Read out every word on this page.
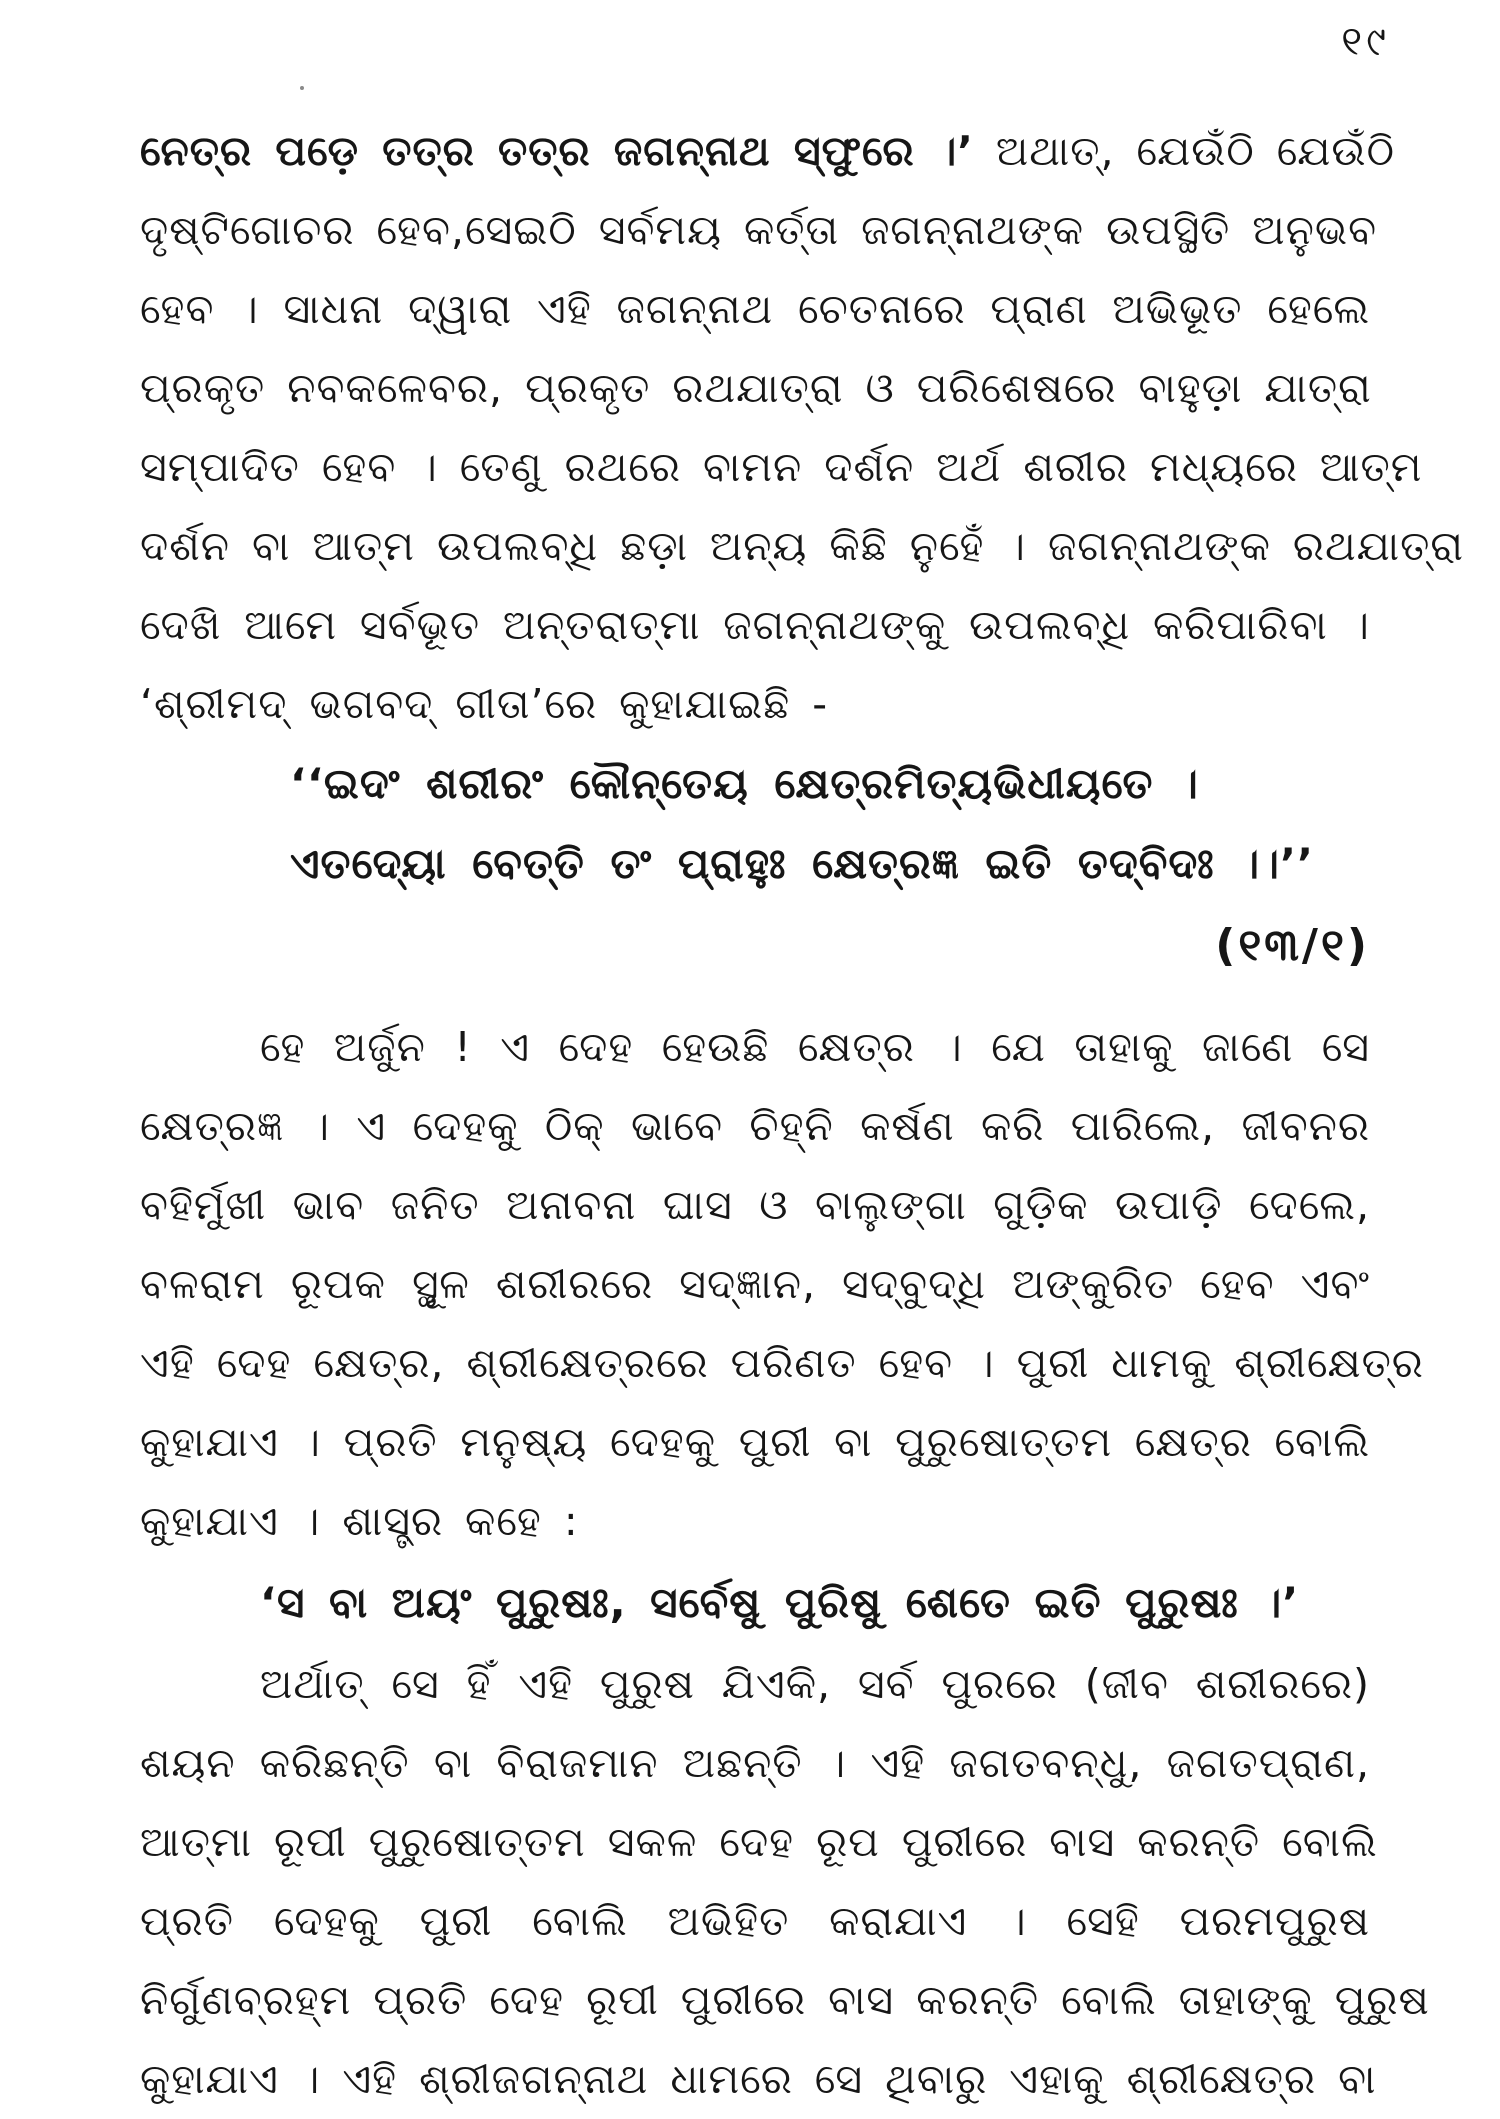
୧୯
ନେତ୍ର ପଡ଼େ ତତ୍ର ତତ୍ର ଜଗନ୍ନାଥ ସ୍ଫୁରେ ।’ ଅଥାତ୍, ଯେଉଁଠି ଯେଉଁଠି
ଦୃଷ୍ଟିଗୋଚର ହେବ,ସେଇଠି ସର୍ବମୟ କର୍ତ୍ତା ଜଗନ୍ନାଥଙ୍କ ଉପସ୍ଥିତି ଅନୁଭବ
ହେବ । ସାଧନା ଦ୍ୱାରା ଏହି ଜଗନ୍ନାଥ ଚେତନାରେ ପ୍ରାଣ ଅଭିଭୂତ ହେଲେ
ପ୍ରକୃତ ନବକଳେବର, ପ୍ରକୃତ ରଥଯାତ୍ରା ଓ ପରିଶେଷରେ ବାହୁଡ଼ା ଯାତ୍ରା
ସମ୍ପାଦିତ ହେବ । ତେଣୁ ରଥରେ ବାମନ ଦର୍ଶନ ଅର୍ଥ ଶରୀର ମଧ୍ୟରେ ଆତ୍ମ
ଦର୍ଶନ ବା ଆତ୍ମ ଉପଲବ୍ଧି ଛଡ଼ା ଅନ୍ୟ କିଛି ନୁହେଁ । ଜଗନ୍ନାଥଙ୍କ ରଥଯାତ୍ରା
ଦେଖି ଆମେ ସର୍ବଭୂତ ଅନ୍ତରାତ୍ମା ଜଗନ୍ନାଥଙ୍କୁ ଉପଲବ୍ଧି କରିପାରିବା ।
‘ଶ୍ରୀମଦ୍ ଭଗବଦ୍ ଗୀତା’ରେ କୁହାଯାଇଛି -
‘‘ଇଦଂ ଶରୀରଂ କୌନ୍ତେୟ କ୍ଷେତ୍ରମିତ୍ୟଭିଧୀୟତେ ।
ଏତଦ୍ୟୋ ବେତ୍ତି ତଂ ପ୍ରାହୁଃ କ୍ଷେତ୍ରଜ୍ଞ ଇତି ତଦ୍‌ବିଦଃ ।।’’
(୧୩/୧)
ହେ ଅର୍ଜୁନ ! ଏ ଦେହ ହେଉଛି କ୍ଷେତ୍ର । ଯେ ତାହାକୁ ଜାଣେ ସେ
କ୍ଷେତ୍ରଜ୍ଞ । ଏ ଦେହକୁ ଠିକ୍ ଭାବେ ଚିହ୍ନି କର୍ଷଣ କରି ପାରିଲେ, ଜୀବନର
ବହିର୍ମୁଖୀ ଭାବ ଜନିତ ଅନାବନା ଘାସ ଓ ବାଲୁଙ୍ଗା ଗୁଡ଼ିକ ଉପାଡ଼ି ଦେଲେ,
ବଳରାମ ରୂପକ ସ୍ଥୂଳ ଶରୀରରେ ସଦ୍‌ଜ୍ଞାନ, ସଦ୍‌ବୁଦ୍ଧି ଅଙ୍କୁରିତ ହେବ ଏବଂ
ଏହି ଦେହ କ୍ଷେତ୍ର, ଶ୍ରୀକ୍ଷେତ୍ରରେ ପରିଣତ ହେବ । ପୁରୀ ଧାମକୁ ଶ୍ରୀକ୍ଷେତ୍ର
କୁହାଯାଏ । ପ୍ରତି ମନୁଷ୍ୟ ଦେହକୁ ପୁରୀ ବା ପୁରୁଷୋତ୍ତମ କ୍ଷେତ୍ର ବୋଲି
କୁହାଯାଏ । ଶାସ୍ତ୍ର କହେ :
‘ସ ବା ଅୟଂ ପୁରୁଷଃ, ସର୍ବେଷୁ ପୁରିଷୁ ଶେତେ ଇତି ପୁରୁଷଃ ।’
ଅର୍ଥାତ୍ ସେ ହିଁ ଏହି ପୁରୁଷ ଯିଏକି, ସର୍ବ ପୁରରେ (ଜୀବ ଶରୀରରେ)
ଶୟନ କରିଛନ୍ତି ବା ବିରାଜମାନ ଅଛନ୍ତି । ଏହି ଜଗତବନ୍ଧୁ, ଜଗତପ୍ରାଣ,
ଆତ୍ମା ରୂପୀ ପୁରୁଷୋତ୍ତମ ସକଳ ଦେହ ରୂପ ପୁରୀରେ ବାସ କରନ୍ତି ବୋଲି
ପ୍ରତି ଦେହକୁ ପୁରୀ ବୋଲି ଅଭିହିତ କରାଯାଏ । ସେହି ପରମପୁରୁଷ
ନିର୍ଗୁଣବ୍ରହ୍ମ ପ୍ରତି ଦେହ ରୂପୀ ପୁରୀରେ ବାସ କରନ୍ତି ବୋଲି ତାହାଙ୍କୁ ପୁରୁଷ
କୁହାଯାଏ । ଏହି ଶ୍ରୀଜଗନ୍ନାଥ ଧାମରେ ସେ ଥିବାରୁ ଏହାକୁ ଶ୍ରୀକ୍ଷେତ୍ର ବା
